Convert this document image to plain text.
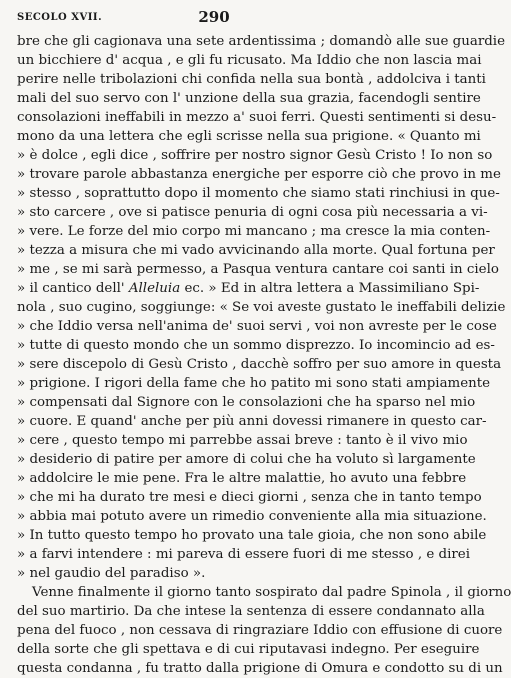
SECOLO XVII.	290
bre che gli cagionava una sete ardentissima ; domandò alle sue guardie
un bicchiere d' acqua , e gli fu ricusato. Ma Iddio che non lascia mai
perire nelle tribolazioni chi confida nella sua bontà , addolciva i tanti
mali del suo servo con l' unzione della sua grazia, facendogli sentire
consolazioni ineffabili in mezzo a' suoi ferri. Questi sentimenti si desu-
mono da una lettera che egli scrisse nella sua prigione. « Quanto mi
» è dolce , egli dice , soffrire per nostro signor Gesù Cristo ! Io non so
» trovare parole abbastanza energiche per esporre ciò che provo in me
» stesso , soprattutto dopo il momento che siamo stati rinchiusi in que-
» sto carcere , ove si patisce penuria di ogni cosa più necessaria a vi-
» vere. Le forze del mio corpo mi mancano ; ma cresce la mia conten-
» tezza a misura che mi vado avvicinando alla morte. Qual fortuna per
» me , se mi sarà permesso, a Pasqua ventura cantare coi santi in cielo
» il cantico dell' Alleluia ec. » Ed in altra lettera a Massimiliano Spi-
nola , suo cugino, soggiunge: « Se voi aveste gustato le ineffabili delizie
» che Iddio versa nell'anima de' suoi servi , voi non avreste per le cose
» tutte di questo mondo che un sommo disprezzo. Io incomincio ad es-
» sere discepolo di Gesù Cristo , dacchè soffro per suo amore in questa
» prigione. I rigori della fame che ho patito mi sono stati ampiamente
» compensati dal Signore con le consolazioni che ha sparso nel mio
» cuore. E quand' anche per più anni dovessi rimanere in questo car-
» cere , questo tempo mi parrebbe assai breve : tanto è il vivo mio
» desiderio di patire per amore di colui che ha voluto sì largamente
» addolcire le mie pene. Fra le altre malattie, ho avuto una febbre
» che mi ha durato tre mesi e dieci giorni , senza che in tanto tempo
» abbia mai potuto avere un rimedio conveniente alla mia situazione.
» In tutto questo tempo ho provato una tale gioia, che non sono abile
» a farvi intendere : mi pareva di essere fuori di me stesso , e direi
» nel gaudio del paradiso ».
Venne finalmente il giorno tanto sospirato dal padre Spinola , il giorno
del suo martirio. Da che intese la sentenza di essere condannato alla
pena del fuoco , non cessava di ringraziare Iddio con effusione di cuore
della sorte che gli spettava e di cui riputavasi indegno. Per eseguire
questa condanna , fu tratto dalla prigione di Omura e condotto su di un
